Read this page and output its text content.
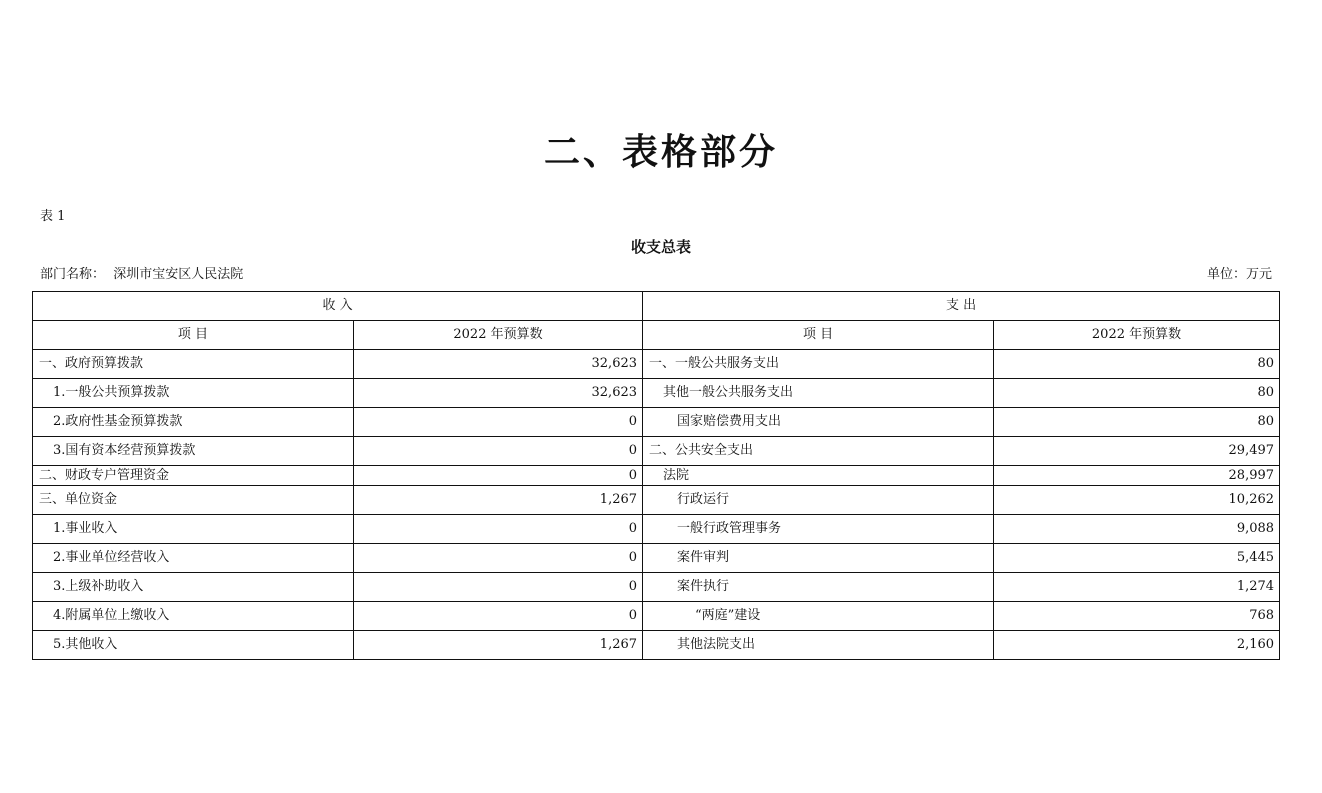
二、表格部分
表 1
收支总表
部门名称：  深圳市宝安区人民法院	单位：万元
收 入		支 出	
项 目	2022 年预算数	项 目	2022 年预算数
一、政府预算拨款	32,623	一、一般公共服务支出	80
1.一般公共预算拨款	32,623	其他一般公共服务支出	80
2.政府性基金预算拨款	0	国家赔偿费用支出	80
3.国有资本经营预算拨款	0	二、公共安全支出	29,497
二、财政专户管理资金	0	法院	28,997
三、单位资金	1,267	行政运行	10,262
1.事业收入	0	一般行政管理事务	9,088
2.事业单位经营收入	0	案件审判	5,445
3.上级补助收入	0	案件执行	1,274
4.附属单位上缴收入	0	“两庭”建设	768
5.其他收入	1,267	其他法院支出	2,160
